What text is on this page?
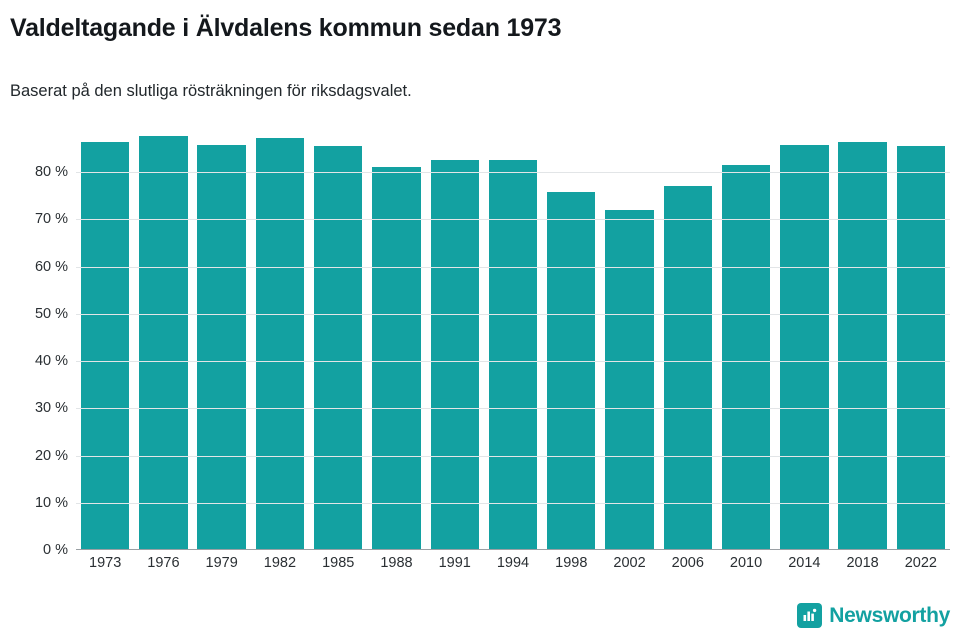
Valdeltagande i Älvdalens kommun sedan 1973
Baserat på den slutliga rösträkningen för riksdagsvalet.
0 %
10 %
20 %
30 %
40 %
50 %
60 %
70 %
80 %
1973	1976	1979	1982	1985	1988	1991	1994	1998	2002	2006	2010	2014	2018	2022
Newsworthy
